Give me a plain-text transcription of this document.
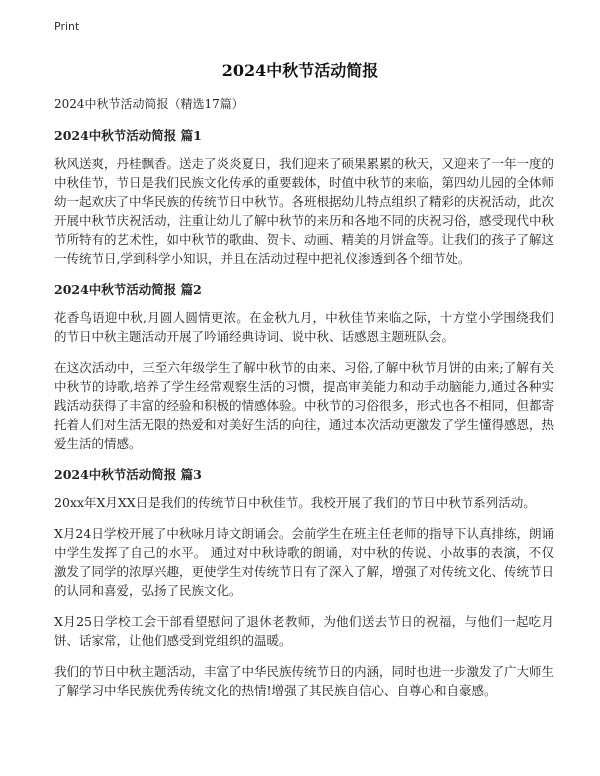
Print
2024中秋节活动简报
2024中秋节活动简报（精选17篇）
2024中秋节活动简报 篇1

秋风送爽，丹桂飘香。送走了炎炎夏日，我们迎来了硕果累累的秋天，又迎来了一年一度的中秋佳节，节日是我们民族文化传承的重要载体，时值中秋节的来临，第四幼儿园的全体师幼一起欢庆了中华民族的传统节日中秋节。各班根据幼儿特点组织了精彩的庆祝活动，此次开展中秋节庆祝活动，注重让幼儿了解中秋节的来历和各地不同的庆祝习俗，感受现代中秋节所特有的艺术性，如中秋节的歌曲、贺卡、动画、精美的月饼盒等。让我们的孩子了解这一传统节日,学到科学小知识，并且在活动过程中把礼仪渗透到各个细节处。

2024中秋节活动简报 篇2

花香鸟语迎中秋,月圆人圆情更浓。在金秋九月，中秋佳节来临之际，十方堂小学围绕我们的节日中秋主题活动开展了吟诵经典诗词、说中秋、话感恩主题班队会。

在这次活动中，三至六年级学生了解中秋节的由来、习俗,了解中秋节月饼的由来;了解有关中秋节的诗歌,培养了学生经常观察生活的习惯，提高审美能力和动手动脑能力,通过各种实践活动获得了丰富的经验和积极的情感体验。中秋节的习俗很多，形式也各不相同，但都寄托着人们对生活无限的热爱和对美好生活的向往，通过本次活动更激发了学生懂得感恩，热爱生活的情感。

2024中秋节活动简报 篇3

20xx年X月XX日是我们的传统节日中秋佳节。我校开展了我们的节日中秋节系列活动。

X月24日学校开展了中秋咏月诗文朗诵会。会前学生在班主任老师的指导下认真排练，朗诵中学生发挥了自己的水平。 通过对中秋诗歌的朗诵，对中秋的传说、小故事的表演，不仅激发了同学的浓厚兴趣，更使学生对传统节日有了深入了解，增强了对传统文化、传统节日的认同和喜爱，弘扬了民族文化。

X月25日学校工会干部看望慰问了退休老教师，为他们送去节日的祝福，与他们一起吃月饼、话家常，让他们感受到党组织的温暖。

我们的节日中秋主题活动，丰富了中华民族传统节日的内涵，同时也进一步激发了广大师生了解学习中华民族优秀传统文化的热情!增强了其民族自信心、自尊心和自豪感。
